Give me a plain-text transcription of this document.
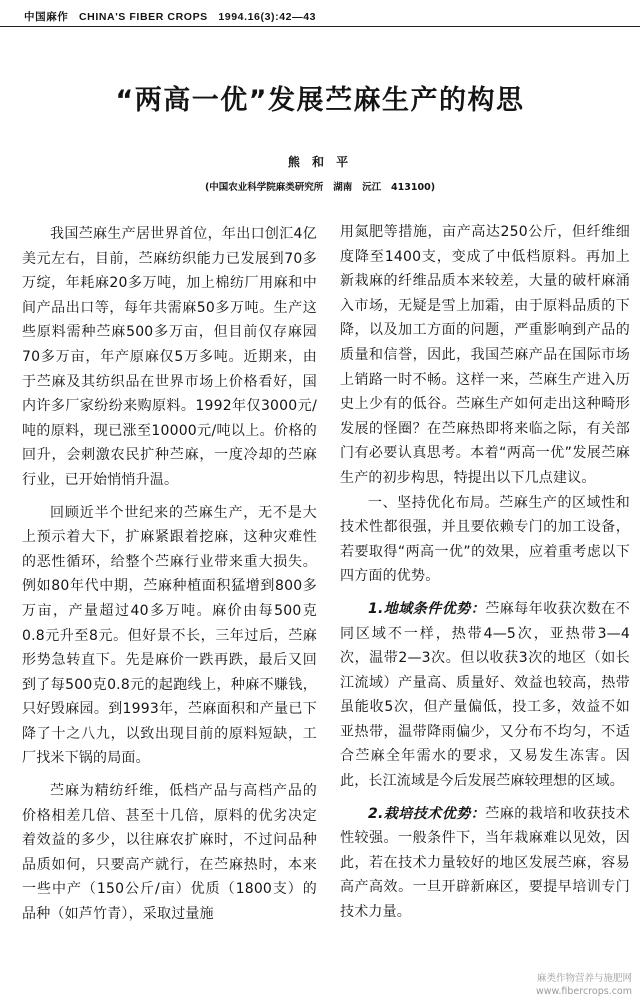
中国麻作   CHINA'S FIBER CROPS   1994.16(3):42—43
“两高一优”发展苎麻生产的构思
熊 和 平
(中国农业科学院麻类研究所   湖南   沅江   413100)

我国苎麻生产居世界首位，年出口创汇4亿美元左右，目前，苎麻纺织能力已发展到70多万绽，年耗麻20多万吨，加上棉纺厂用麻和中间产品出口等，每年共需麻50多万吨。生产这些原料需种苎麻500多万亩，但目前仅存麻园70多万亩，年产原麻仅5万多吨。近期来，由于苎麻及其纺织品在世界市场上价格看好，国内许多厂家纷纷来购原料。1992年仅3000元/吨的原料，现已涨至10000元/吨以上。价格的回升，会刺激农民扩种苎麻，一度冷却的苎麻行业，已开始悄悄升温。

回顾近半个世纪来的苎麻生产，无不是大上预示着大下，扩麻紧跟着挖麻，这种灾难性的恶性循环，给整个苎麻行业带来重大损失。例如80年代中期，苎麻种植面积猛增到800多万亩，产量超过40多万吨。麻价由每500克0.8元升至8元。但好景不长，三年过后，苎麻形势急转直下。先是麻价一跌再跌，最后又回到了每500克0.8元的起跑线上，种麻不赚钱，只好毁麻园。到1993年，苎麻面积和产量已下降了十之八九，以致出现目前的原料短缺，工厂找米下锅的局面。

苎麻为精纺纤维，低档产品与高档产品的价格相差几倍、甚至十几倍，原料的优劣决定着效益的多少，以往麻农扩麻时，不过问品种品质如何，只要高产就行，在苎麻热时，本来一些中产（150公斤/亩）优质（1800支）的品种（如芦竹青），采取过量施

用氮肥等措施，亩产高达250公斤，但纤维细度降至1400支，变成了中低档原料。再加上新栽麻的纤维品质本来较差，大量的破杆麻涌入市场，无疑是雪上加霜，由于原料品质的下降，以及加工方面的问题，严重影响到产品的质量和信誉，因此，我国苎麻产品在国际市场上销路一时不畅。这样一来，苎麻生产进入历史上少有的低谷。苎麻生产如何走出这种畸形发展的怪圈？在苎麻热即将来临之际，有关部门有必要认真思考。本着“两高一优”发展苎麻生产的初步构思，特提出以下几点建议。

一、坚持优化布局。苎麻生产的区域性和技术性都很强，并且要依赖专门的加工设备，若要取得“两高一优”的效果，应着重考虑以下四方面的优势。

1.地域条件优势：苎麻每年收获次数在不同区域不一样，热带4—5次，亚热带3—4次，温带2—3次。但以收获3次的地区（如长江流域）产量高、质量好、效益也较高，热带虽能收5次，但产量偏低，投工多，效益不如亚热带，温带降雨偏少，又分布不均匀，不适合苎麻全年需水的要求，又易发生冻害。因此，长江流域是今后发展苎麻较理想的区域。

2.栽培技术优势：苎麻的栽培和收获技术性较强。一般条件下，当年栽麻难以见效，因此，若在技术力量较好的地区发展苎麻，容易高产高效。一旦开辟新麻区，要提早培训专门技术力量。

麻类作物营养与施肥网
www.fibercrops.com
